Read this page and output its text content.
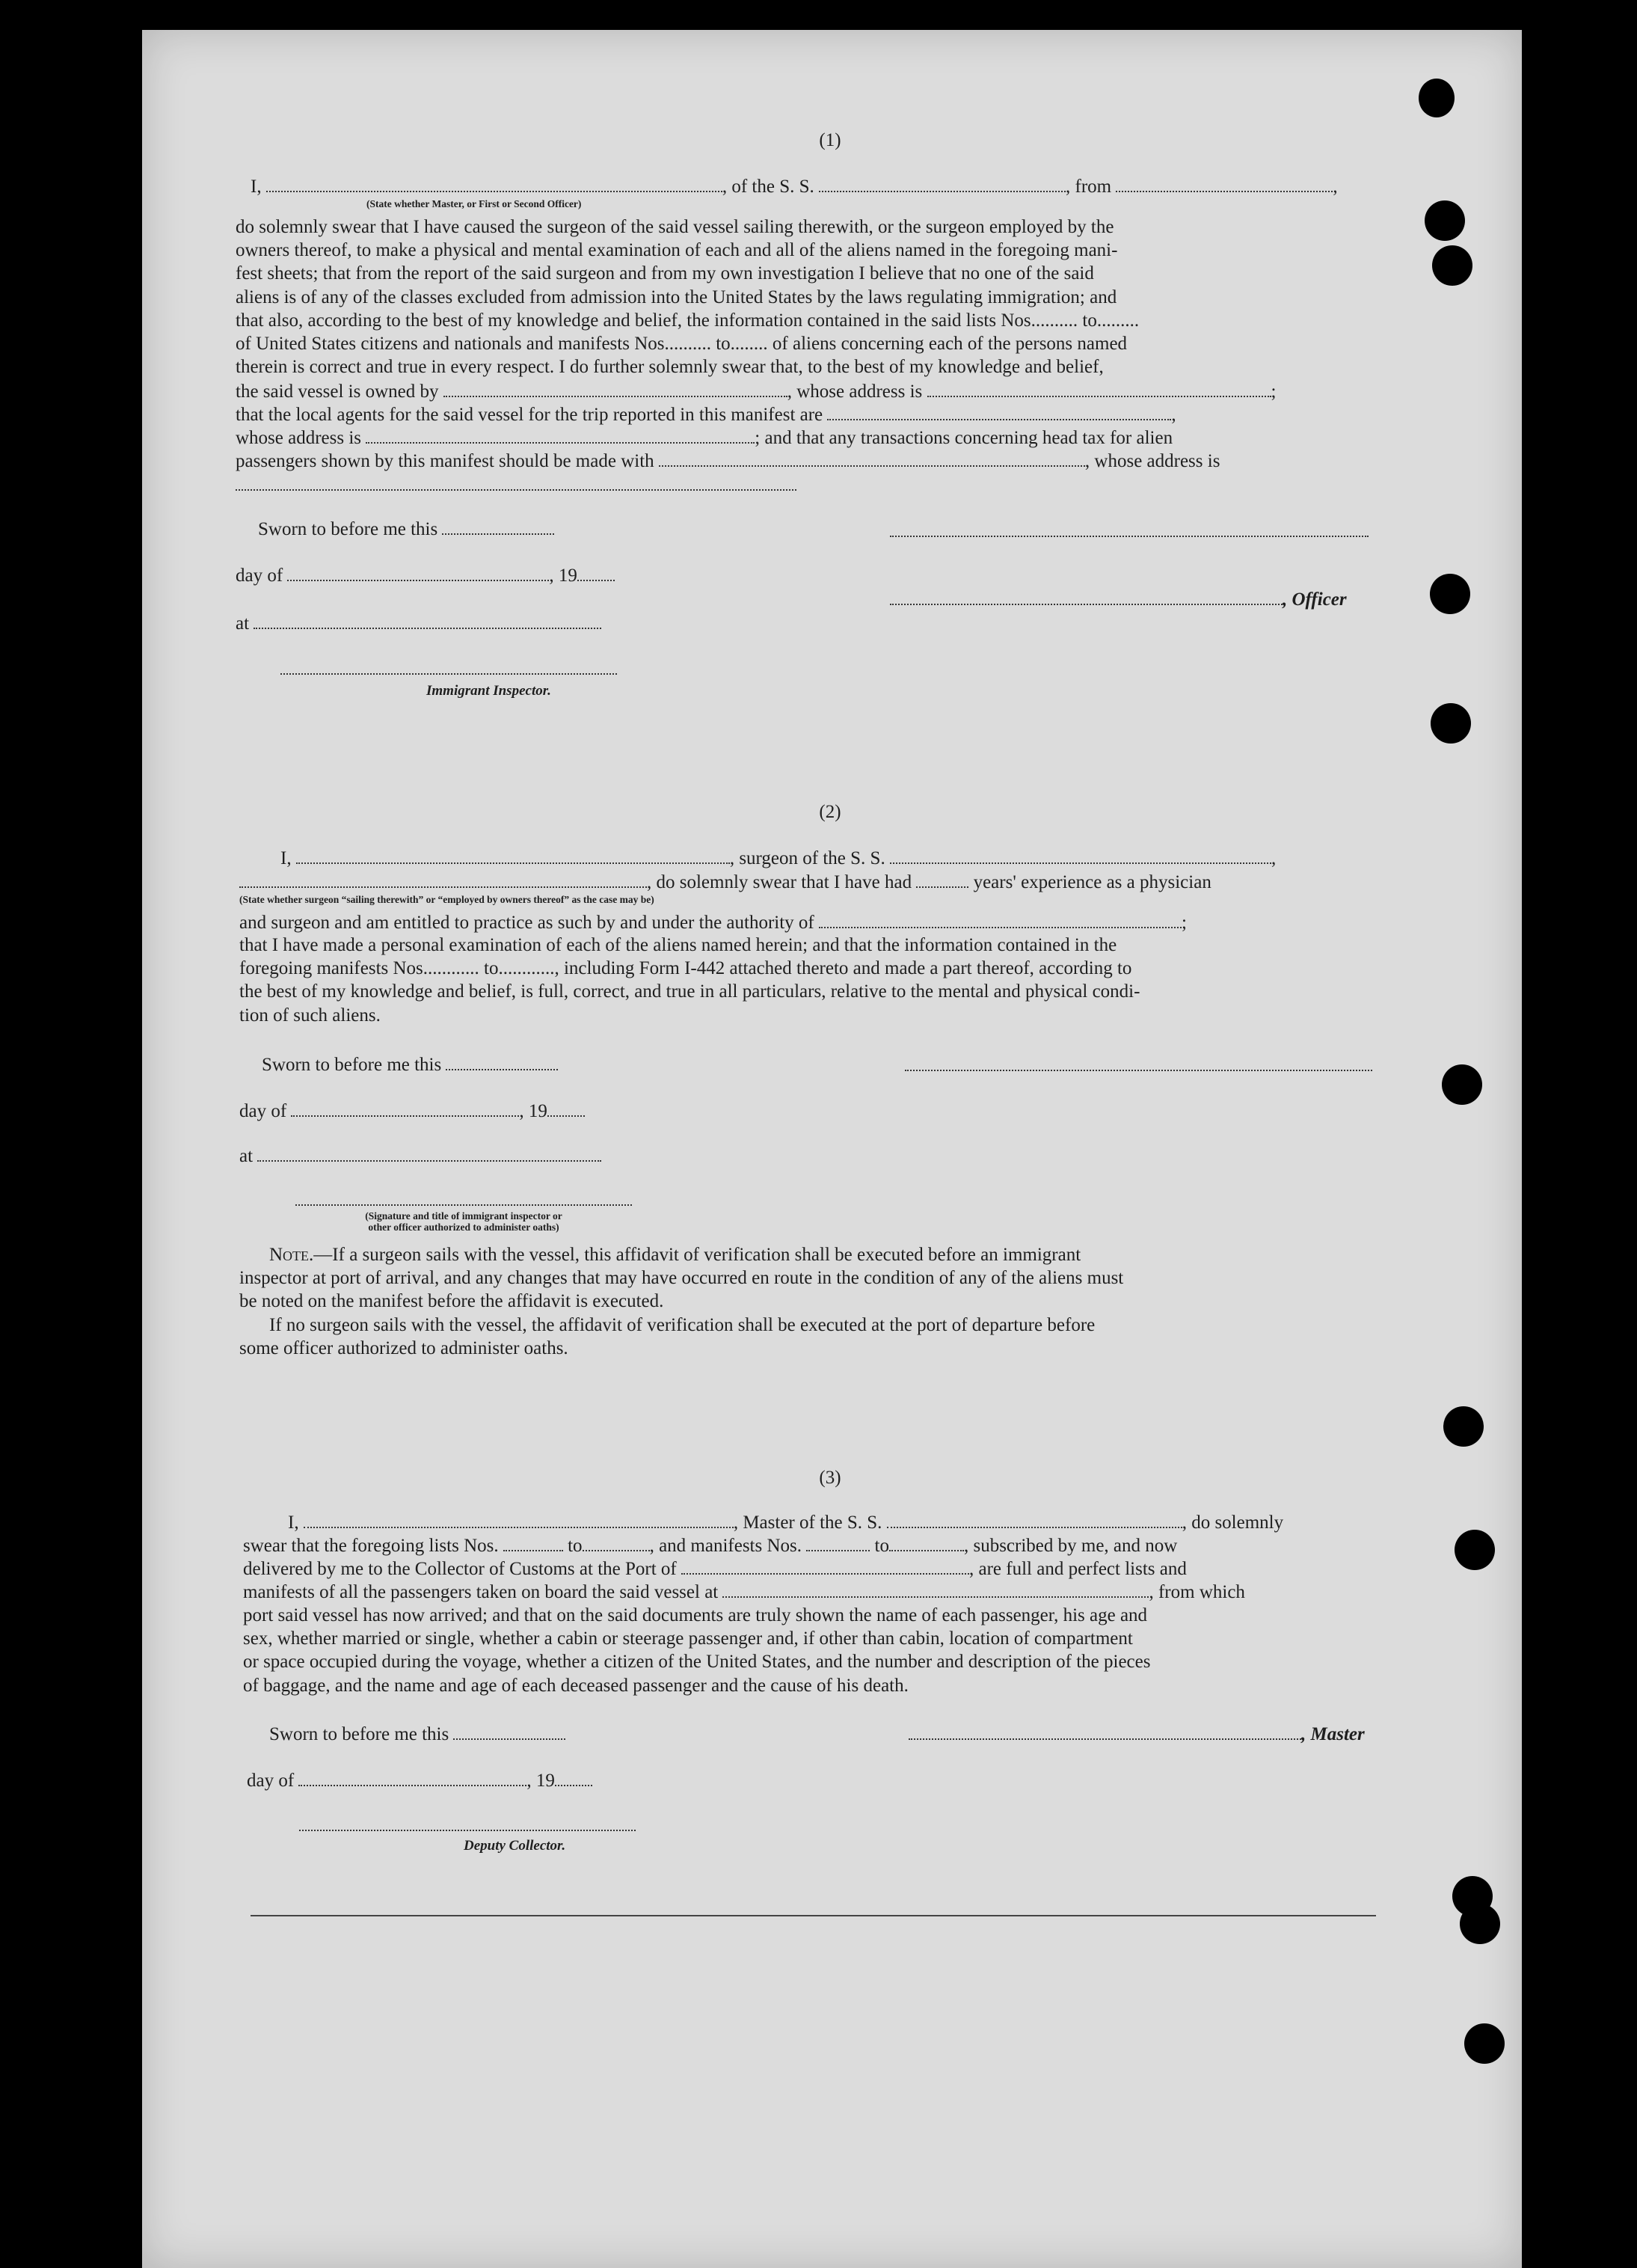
(1)
I,	, of the S. S.	, from	,
(State whether Master, or First or Second Officer)
do solemnly swear that I have caused the surgeon of the said vessel sailing therewith, or the surgeon employed by the
owners thereof, to make a physical and mental examination of each and all of the aliens named in the foregoing mani-
fest sheets; that from the report of the said surgeon and from my own investigation I believe that no one of the said
aliens is of any of the classes excluded from admission into the United States by the laws regulating immigration; and
that also, according to the best of my knowledge and belief, the information contained in the said lists Nos.......... to.........
of United States citizens and nationals and manifests Nos.......... to........ of aliens concerning each of the persons named
therein is correct and true in every respect. I do further solemnly swear that, to the best of my knowledge and belief,
the said vessel is owned by	, whose address is	;
that the local agents for the said vessel for the trip reported in this manifest are	,
whose address is	; and that any transactions concerning head tax for alien
passengers shown by this manifest should be made with	, whose address is
Sworn to before me this
day of	, 19
, Officer
at
Immigrant Inspector.
(2)
I,	, surgeon of the S. S.	,
, do solemnly swear that I have had	years' experience as a physician
(State whether surgeon “sailing therewith” or “employed by owners thereof” as the case may be)
and surgeon and am entitled to practice as such by and under the authority of	;
that I have made a personal examination of each of the aliens named herein; and that the information contained in the
foregoing manifests Nos............ to............, including Form I-442 attached thereto and made a part thereof, according to
the best of my knowledge and belief, is full, correct, and true in all particulars, relative to the mental and physical condi-
tion of such aliens.
Sworn to before me this
day of	, 19
at
(Signature and title of immigrant inspector or
other officer authorized to administer oaths)
Note.—If a surgeon sails with the vessel, this affidavit of verification shall be executed before an immigrant
inspector at port of arrival, and any changes that may have occurred en route in the condition of any of the aliens must
be noted on the manifest before the affidavit is executed.
If no surgeon sails with the vessel, the affidavit of verification shall be executed at the port of departure before
some officer authorized to administer oaths.
(3)
I,	, Master of the S. S.	, do solemnly
swear that the foregoing lists Nos.	to	, and manifests Nos.	to	, subscribed by me, and now
delivered by me to the Collector of Customs at the Port of	, are full and perfect lists and
manifests of all the passengers taken on board the said vessel at	, from which
port said vessel has now arrived; and that on the said documents are truly shown the name of each passenger, his age and
sex, whether married or single, whether a cabin or steerage passenger and, if other than cabin, location of compartment
or space occupied during the voyage, whether a citizen of the United States, and the number and description of the pieces
of baggage, and the name and age of each deceased passenger and the cause of his death.
Sworn to before me this	, Master
day of	, 19
Deputy Collector.
